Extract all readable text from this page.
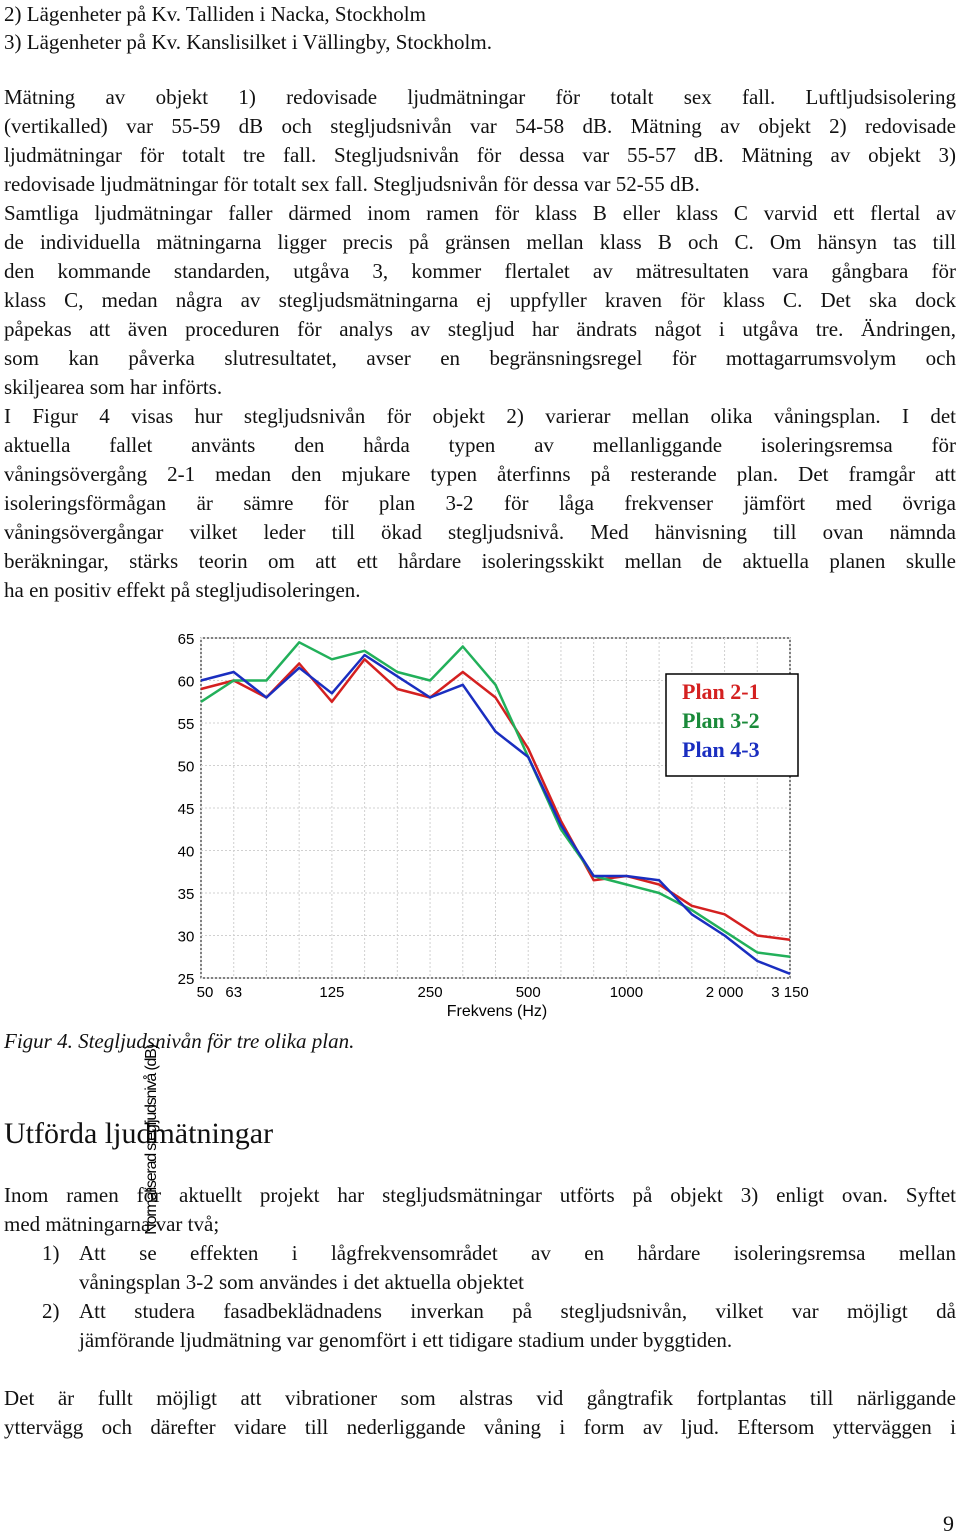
2) Lägenheter på Kv. Talliden i Nacka, Stockholm
3) Lägenheter på Kv. Kanslisilket i Vällingby, Stockholm.
Mätning av objekt 1) redovisade ljudmätningar för totalt sex fall. Luftljudsisolering
(vertikalled) var 55-59 dB och stegljudsnivån var 54-58 dB. Mätning av objekt 2) redovisade
ljudmätningar för totalt tre fall. Stegljudsnivån för dessa var 55-57 dB. Mätning av objekt 3)
redovisade ljudmätningar för totalt sex fall. Stegljudsnivån för dessa var 52-55 dB.
Samtliga ljudmätningar faller därmed inom ramen för klass B eller klass C varvid ett flertal av
de individuella mätningarna ligger precis på gränsen mellan klass B och C. Om hänsyn tas till
den kommande standarden, utgåva 3, kommer flertalet av mätresultaten vara gångbara för
klass C, medan några av stegljudsmätningarna ej uppfyller kraven för klass C. Det ska dock
påpekas att även proceduren för analys av stegljud har ändrats något i utgåva tre. Ändringen,
som kan påverka slutresultatet, avser en begränsningsregel för mottagarrumsvolym och
skiljearea som har införts.
I Figur 4 visas hur stegljudsnivån för objekt 2) varierar mellan olika våningsplan. I det
aktuella fallet använts den hårda typen av mellanliggande isoleringsremsa för
våningsövergång 2-1 medan den mjukare typen återfinns på resterande plan. Det framgår att
isoleringsförmågan är sämre för plan 3-2 för låga frekvenser jämfört med övriga
våningsövergångar vilket leder till ökad stegljudsnivå. Med hänvisning till ovan nämnda
beräkningar, stärks teorin om att ett hårdare isoleringsskikt mellan de aktuella planen skulle
ha en positiv effekt på stegljudisoleringen.
Figur 4. Stegljudsnivån för tre olika plan.
Utförda ljudmätningar
Inom ramen för aktuellt projekt har stegljudsmätningar utförts på objekt 3) enligt ovan. Syftet
med mätningarna var två;
1) Att se effekten i lågfrekvensområdet av en hårdare isoleringsremsa mellan
våningsplan 3-2 som användes i det aktuella objektet
2) Att studera fasadbeklädnadens inverkan på stegljudsnivån, vilket var möjligt då
jämförande ljudmätning var genomfört i ett tidigare stadium under byggtiden.
Det är fullt möjligt att vibrationer som alstras vid gångtrafik fortplantas till närliggande
yttervägg och därefter vidare till nederliggande våning i form av ljud. Eftersom ytterväggen i
25
30
35
40
45
50
55
60
65
50 63	125	250	500	1000	2 000 3 150
Normaliserad stegljudsnivå (dB)
Frekvens (Hz)
Plan 2-1
Plan 3-2
Plan 4-3
9
